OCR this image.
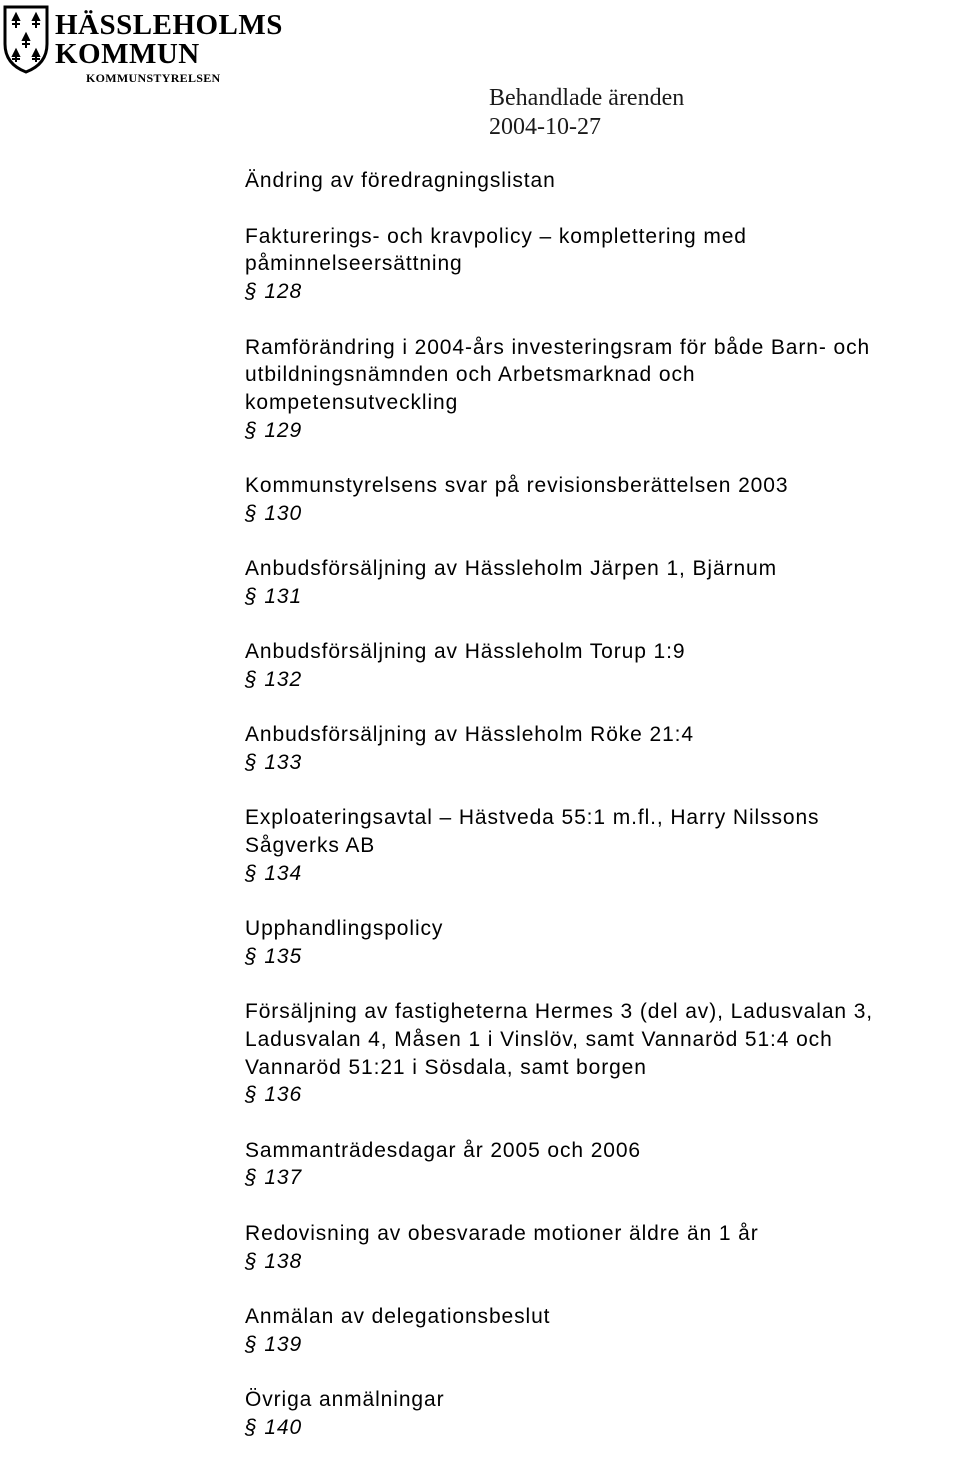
HÄSSLEHOLMS
KOMMUN
KOMMUNSTYRELSEN
Behandlade ärenden
2004-10-27
Ändring av föredragningslistan
Fakturerings- och kravpolicy – komplettering med
påminnelseersättning
§ 128
Ramförändring i 2004-års investeringsram för både Barn- och
utbildningsnämnden och Arbetsmarknad och
kompetensutveckling
§ 129
Kommunstyrelsens svar på revisionsberättelsen 2003
§ 130
Anbudsförsäljning av Hässleholm Järpen 1, Bjärnum
§ 131
Anbudsförsäljning av Hässleholm Torup 1:9
§ 132
Anbudsförsäljning av Hässleholm Röke 21:4
§ 133
Exploateringsavtal – Hästveda 55:1 m.fl., Harry Nilssons
Sågverks AB
§ 134
Upphandlingspolicy
§ 135
Försäljning av fastigheterna Hermes 3 (del av), Ladusvalan 3,
Ladusvalan 4, Måsen 1 i Vinslöv, samt Vannaröd 51:4 och
Vannaröd 51:21 i Sösdala, samt borgen
§ 136
Sammanträdesdagar år 2005 och 2006
§ 137
Redovisning av obesvarade motioner äldre än 1 år
§ 138
Anmälan av delegationsbeslut
§ 139
Övriga anmälningar
§ 140
